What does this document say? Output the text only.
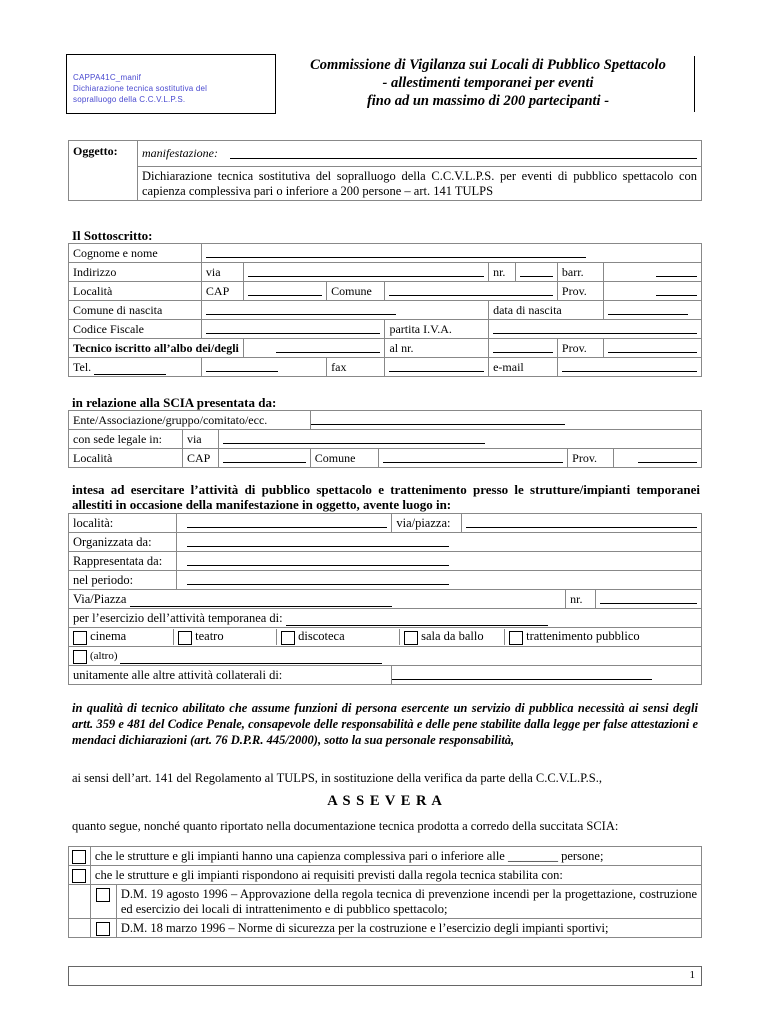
CAPPA41C_manif
Dichiarazione tecnica sostitutiva del
sopralluogo della C.C.V.L.P.S.
Commissione di Vigilanza sui Locali di Pubblico Spettacolo
- allestimenti temporanei per eventi
fino ad un massimo di 200 partecipanti -
Oggetto:	manifestazione:	

Dichiarazione tecnica sostitutiva del sopralluogo della C.C.V.L.P.S. per eventi di pubblico spettacolo con capienza complessiva pari o inferiore a 200 persone – art. 141 TULPS
Il Sottoscritto:
Cognome e nome								

Indirizzo	via				nr.		barr.	

Località	CAP		Comune				Prov.	

Comune di nascita					data di nascita			

Codice Fiscale				partita I.V.A.				

Tecnico iscritto all’albo dei/degli				al nr.			Prov.	

Tel.			fax		e-mail			
in relazione alla SCIA presentata da:
Ente/Associazione/gruppo/comitato/ecc.						

con sede legale in:	via					

Località	CAP		Comune		Prov.	
intesa ad esercitare l’attività di pubblico spettacolo e trattenimento presso le strutture/impianti temporanei allestiti in occasione della manifestazione in oggetto, avente luogo in:
località:		via/piazza:			

Organizzata da:					

Rappresentata da:					

nel periodo:					

Via/Piazza				nr.	

per l’esercizio dell’attività temporanea di:					
cinema teatro discoteca sala da ballo trattenimento pubblico					
(altro)					
unitamente alle altre attività collaterali di:					
in qualità di tecnico abilitato che assume funzioni di persona esercente un servizio di pubblica necessità ai sensi degli artt. 359 e 481 del Codice Penale, consapevole delle responsabilità e delle pene stabilite dalla legge per false attestazioni e mendaci dichiarazioni (art. 76 D.P.R. 445/2000), sotto la sua personale responsabilità,
ai sensi dell’art. 141 del Regolamento al TULPS, in sostituzione della verifica da parte della C.C.V.L.P.S.,
A S S E V E R A
quanto segue, nonché quanto riportato nella documentazione tecnica prodotta a corredo della succitata SCIA:
	che le strutture e gli impianti hanno una capienza complessiva pari o inferiore alle ________ persone;	
	che le strutture e gli impianti rispondono ai requisiti previsti dalla regola tecnica stabilita con:	
		D.M. 19 agosto 1996 – Approvazione della regola tecnica di prevenzione incendi per la progettazione, costruzione ed esercizio dei locali di intrattenimento e di pubblico spettacolo;
		D.M. 18 marzo 1996 – Norme di sicurezza per la costruzione e l’esercizio degli impianti sportivi;
1
